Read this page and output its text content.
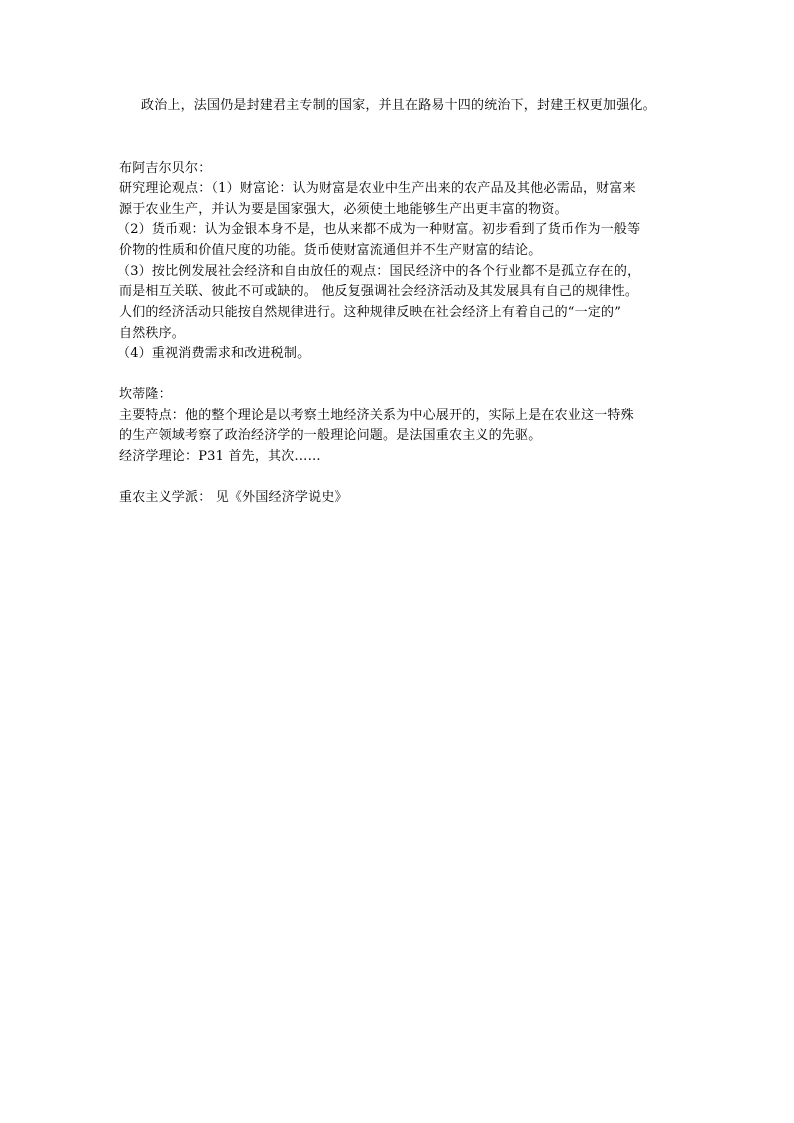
政治上，法国仍是封建君主专制的国家，并且在路易十四的统治下，封建王权更加强化。
布阿吉尔贝尔：
研究理论观点：（1）财富论：认为财富是农业中生产出来的农产品及其他必需品，财富来
源于农业生产，并认为要是国家强大，必须使土地能够生产出更丰富的物资。
（2）货币观：认为金银本身不是，也从来都不成为一种财富。初步看到了货币作为一般等
价物的性质和价值尺度的功能。货币使财富流通但并不生产财富的结论。
（3）按比例发展社会经济和自由放任的观点：国民经济中的各个行业都不是孤立存在的，
而是相互关联、彼此不可或缺的。 他反复强调社会经济活动及其发展具有自己的规律性。
人们的经济活动只能按自然规律进行。这种规律反映在社会经济上有着自己的“一定的”
自然秩序。
（4）重视消费需求和改进税制。
坎蒂隆：
主要特点：他的整个理论是以考察土地经济关系为中心展开的，实际上是在农业这一特殊
的生产领域考察了政治经济学的一般理论问题。是法国重农主义的先驱。
经济学理论：P31 首先，其次……
重农主义学派： 见《外国经济学说史》
